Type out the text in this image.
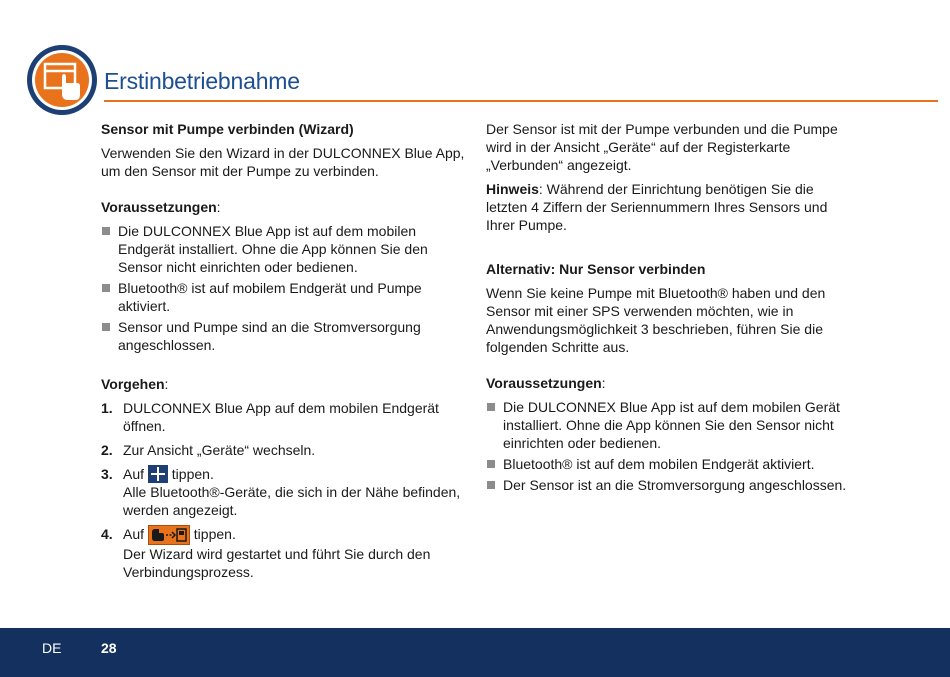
Erstinbetriebnahme

Sensor mit Pumpe verbinden (Wizard)

Verwenden Sie den Wizard in der DULCONNEX Blue App, um den Sensor mit der Pumpe zu verbinden.

Voraussetzungen:

Die DULCONNEX Blue App ist auf dem mobilen Endgerät installiert. Ohne die App können Sie den Sensor nicht einrichten oder bedienen.
Bluetooth® ist auf mobilem Endgerät und Pumpe aktiviert.
Sensor und Pumpe sind an die Stromversorgung angeschlossen.

Vorgehen:

1. DULCONNEX Blue App auf dem mobilen Endgerät öffnen.
2. Zur Ansicht „Geräte“ wechseln.
3. Auf tippen.
Alle Bluetooth®-Geräte, die sich in der Nähe befinden, werden angezeigt.
4. Auf	tippen.
Der Wizard wird gestartet und führt Sie durch den Verbindungsprozess.

Der Sensor ist mit der Pumpe verbunden und die Pumpe wird in der Ansicht „Geräte“ auf der Registerkarte „Verbunden“ angezeigt.

Hinweis: Während der Einrichtung benötigen Sie die letzten 4 Ziffern der Seriennummern Ihres Sensors und Ihrer Pumpe.

Alternativ: Nur Sensor verbinden

Wenn Sie keine Pumpe mit Bluetooth® haben und den Sensor mit einer SPS verwenden möchten, wie in Anwendungsmöglichkeit 3 beschrieben, führen Sie die folgenden Schritte aus.

Voraussetzungen:

Die DULCONNEX Blue App ist auf dem mobilen Gerät installiert. Ohne die App können Sie den Sensor nicht einrichten oder bedienen.
Bluetooth® ist auf dem mobilen Endgerät aktiviert.
Der Sensor ist an die Stromversorgung angeschlossen.
DE	28
